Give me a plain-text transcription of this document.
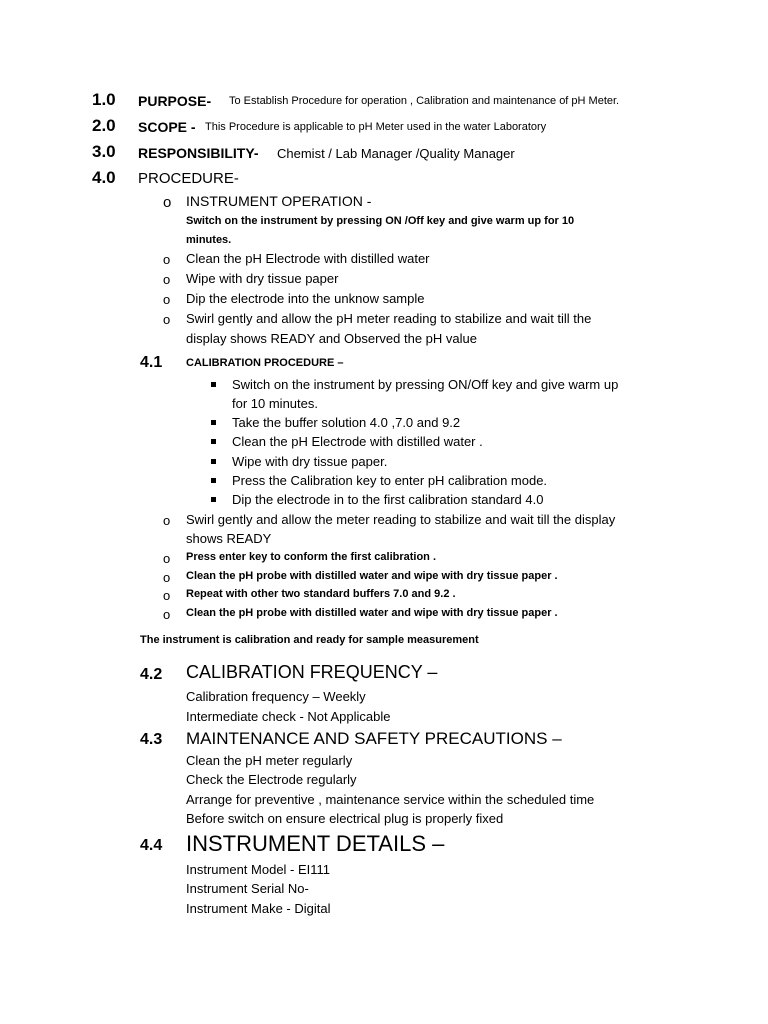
1.0 PURPOSE- To Establish Procedure for operation , Calibration and maintenance of pH Meter.
2.0 SCOPE - This Procedure is applicable to pH Meter used in the water Laboratory
3.0 RESPONSIBILITY- Chemist / Lab Manager /Quality Manager
4.0 PROCEDURE-
o INSTRUMENT OPERATION -
Switch on the instrument by pressing ON /Off key and give warm up for 10
minutes.
o Clean the pH Electrode with distilled water
o Wipe with dry tissue paper
o Dip the electrode into the unknow sample
o Swirl gently and allow the pH meter reading to stabilize and wait till the
display shows READY and Observed the pH value
4.1 CALIBRATION PROCEDURE –
Switch on the instrument by pressing ON/Off key and give warm up
for 10 minutes.
Take the buffer solution 4.0 ,7.0 and 9.2
Clean the pH Electrode with distilled water .
Wipe with dry tissue paper.
Press the Calibration key to enter pH calibration mode.
Dip the electrode in to the first calibration standard 4.0
o Swirl gently and allow the meter reading to stabilize and wait till the display
shows READY
o Press enter key to conform the first calibration .
o Clean the pH probe with distilled water and wipe with dry tissue paper .
o Repeat with other two standard buffers 7.0 and 9.2 .
o Clean the pH probe with distilled water and wipe with dry tissue paper .
The instrument is calibration and ready for sample measurement
4.2 CALIBRATION FREQUENCY –
Calibration frequency – Weekly
Intermediate check - Not Applicable
4.3 MAINTENANCE AND SAFETY PRECAUTIONS –
Clean the pH meter regularly
Check the Electrode regularly
Arrange for preventive , maintenance service within the scheduled time
Before switch on ensure electrical plug is properly fixed
4.4 INSTRUMENT DETAILS –
Instrument Model - EI111
Instrument Serial No-
Instrument Make - Digital
